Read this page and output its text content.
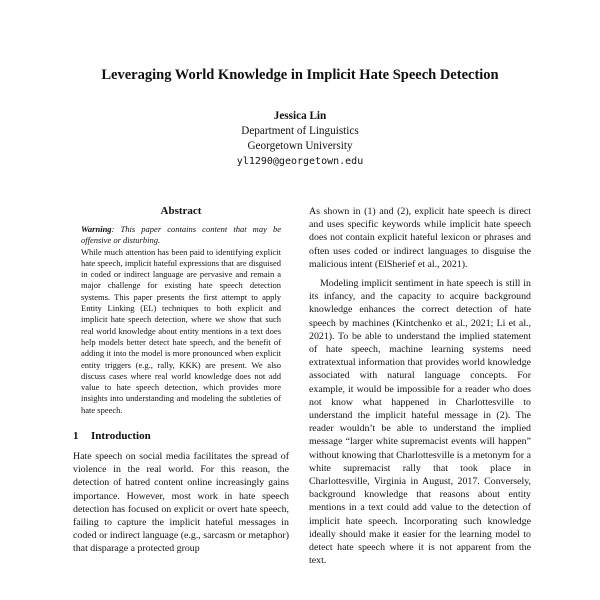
Leveraging World Knowledge in Implicit Hate Speech Detection
Jessica Lin
Department of Linguistics
Georgetown University
yl1290@georgetown.edu
Abstract

Warning: This paper contains content that may be offensive or disturbing.

While much attention has been paid to identifying explicit hate speech, implicit hateful expressions that are disguised in coded or indirect language are pervasive and remain a major challenge for existing hate speech detection systems. This paper presents the first attempt to apply Entity Linking (EL) techniques to both explicit and implicit hate speech detection, where we show that such real world knowledge about entity mentions in a text does help models better detect hate speech, and the benefit of adding it into the model is more pronounced when explicit entity triggers (e.g., rally, KKK) are present. We also discuss cases where real world knowledge does not add value to hate speech detection, which provides more insights into understanding and modeling the subtleties of hate speech.

1 Introduction

Hate speech on social media facilitates the spread of violence in the real world. For this reason, the detection of hatred content online increasingly gains importance. However, most work in hate speech detection has focused on explicit or overt hate speech, failing to capture the implicit hateful messages in coded or indirect language (e.g., sarcasm or metaphor) that disparage a protected group

As shown in (1) and (2), explicit hate speech is direct and uses specific keywords while implicit hate speech does not contain explicit hateful lexicon or phrases and often uses coded or indirect languages to disguise the malicious intent (ElSherief et al., 2021).

Modeling implicit sentiment in hate speech is still in its infancy, and the capacity to acquire background knowledge enhances the correct detection of hate speech by machines (Kintchenko et al., 2021; Li et al., 2021). To be able to understand the implied statement of hate speech, machine learning systems need extratextual information that provides world knowledge associated with natural language concepts. For example, it would be impossible for a reader who does not know what happened in Charlottesville to understand the implicit hateful message in (2). The reader wouldn’t be able to understand the implied message “larger white supremacist events will happen” without knowing that Charlottesville is a metonym for a white supremacist rally that took place in Charlottesville, Virginia in August, 2017. Conversely, background knowledge that reasons about entity mentions in a text could add value to the detection of implicit hate speech. Incorporating such knowledge ideally should make it easier for the learning model to detect hate speech where it is not apparent from the text.
